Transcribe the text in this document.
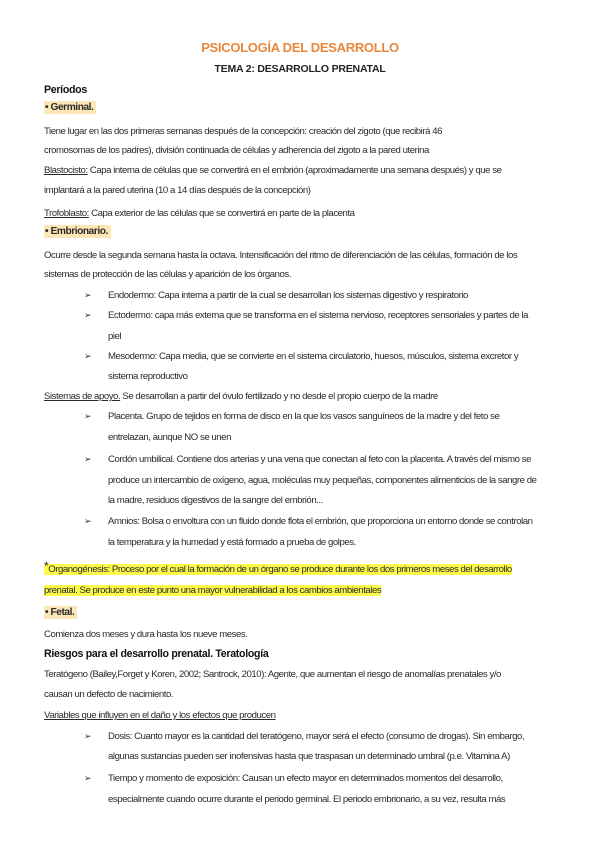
PSICOLOGÍA DEL DESARROLLO
TEMA 2: DESARROLLO PRENATAL
Períodos
• Germinal.
Tiene lugar en las dos primeras semanas después de la concepción: creación del zigoto (que recibirá 46
cromosomas de los padres), división continuada de células y adherencia del zigoto a la pared uterina
Blastocisto: Capa interna de células que se convertirá en el embrión (aproximadamente una semana después) y que se
implantará a la pared uterina (10 a 14 días después de la concepción)
Trofoblasto: Capa exterior de las células que se convertirá en parte de la placenta
• Embrionario.
Ocurre desde la segunda semana hasta la octava. Intensificación del ritmo de diferenciación de las células, formación de los
sistemas de protección de las células y aparición de los órganos.
➢ Endodermo: Capa interna a partir de la cual se desarrollan los sistemas digestivo y respiratorio
➢ Ectodermo: capa más externa que se transforma en el sistema nervioso, receptores sensoriales y partes de la
piel
➢ Mesodermo: Capa media, que se convierte en el sistema circulatorio, huesos, músculos, sistema excretor y
sistema reproductivo
Sistemas de apoyo. Se desarrollan a partir del óvulo fertilizado y no desde el propio cuerpo de la madre
➢ Placenta. Grupo de tejidos en forma de disco en la que los vasos sanguíneos de la madre y del feto se
entrelazan, aunque NO se unen
➢ Cordón umbilical. Contiene dos arterias y una vena que conectan al feto con la placenta. A través del mismo se
produce un intercambio de oxígeno, agua, moléculas muy pequeñas, componentes alimenticios de la sangre de
la madre, residuos digestivos de la sangre del embrión...
➢ Amnios: Bolsa o envoltura con un fluido donde flota el embrión, que proporciona un entorno donde se controlan
la temperatura y la humedad y está formado a prueba de golpes.
*Organogénesis: Proceso por el cual la formación de un órgano se produce durante los dos primeros meses del desarrollo
prenatal. Se produce en este punto una mayor vulnerabilidad a los cambios ambientales
• Fetal.
Comienza dos meses y dura hasta los nueve meses.
Riesgos para el desarrollo prenatal. Teratología
Teratógeno (Bailey,Forget y Koren, 2002; Santrock, 2010): Agente, que aumentan el riesgo de anomalías prenatales y/o
causan un defecto de nacimiento.
Variables que influyen en el daño y los efectos que producen
➢ Dosis: Cuanto mayor es la cantidad del teratógeno, mayor será el efecto (consumo de drogas). Sin embargo,
algunas sustancias pueden ser inofensivas hasta que traspasan un determinado umbral (p.e. Vitamina A)
➢ Tiempo y momento de exposición: Causan un efecto mayor en determinados momentos del desarrollo,
especialmente cuando ocurre durante el periodo germinal. El periodo embrionario, a su vez, resulta más
